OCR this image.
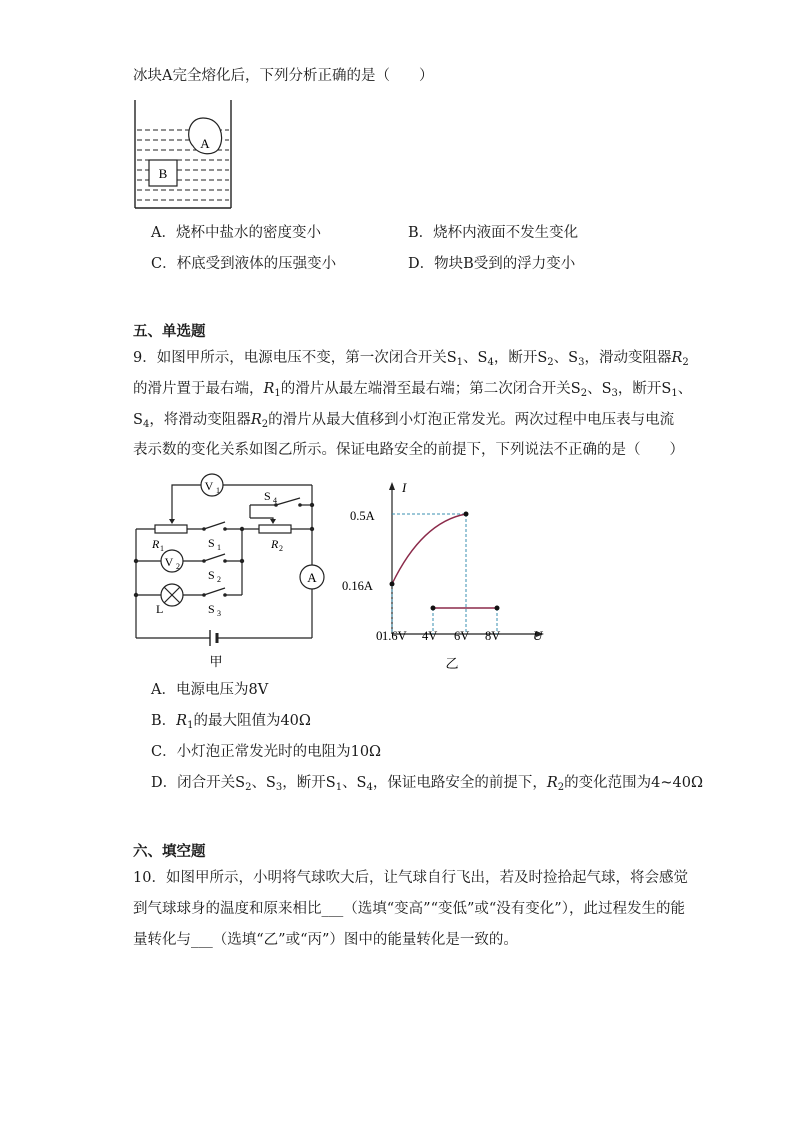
冰块A完全熔化后，下列分析正确的是（　　）
A
B
A．烧杯中盐水的密度变小	B．烧杯内液面不发生变化
C．杯底受到液体的压强变小	D．物块B受到的浮力变小
五、单选题
9．如图甲所示，电源电压不变，第一次闭合开关$S_1$、$S_4$，断开$S_2$、$S_3$，滑动变阻器$R_2$
的滑片置于最右端，$R_1$的滑片从最左端滑至最右端；第二次闭合开关$S_2$、$S_3$，断开$S_1$、
$S_4$，将滑动变阻器$R_2$的滑片从最大值移到小灯泡正常发光。两次过程中电压表与电流
表示数的变化关系如图乙所示。保证电路安全的前提下，下列说法不正确的是（　　）
V 1
V 2
A
S 4
S 1
S 2
S 3
R 1	R 2
L
甲
I
U
0
0.5A
0.16A
1.6V 4V 6V 8V
乙
A．电源电压为8V
B．$R_1$的最大阻值为40Ω
C．小灯泡正常发光时的电阻为10Ω
D．闭合开关$S_2$、$S_3$，断开$S_1$、$S_4$，保证电路安全的前提下，$R_2$的变化范围为4~40Ω
六、填空题
10．如图甲所示，小明将气球吹大后，让气球自行飞出，若及时捡拾起气球，将会感觉
到气球球身的温度和原来相比___（选填“变高”“变低”或“没有变化”），此过程发生的能
量转化与___（选填“乙”或“丙”）图中的能量转化是一致的。
